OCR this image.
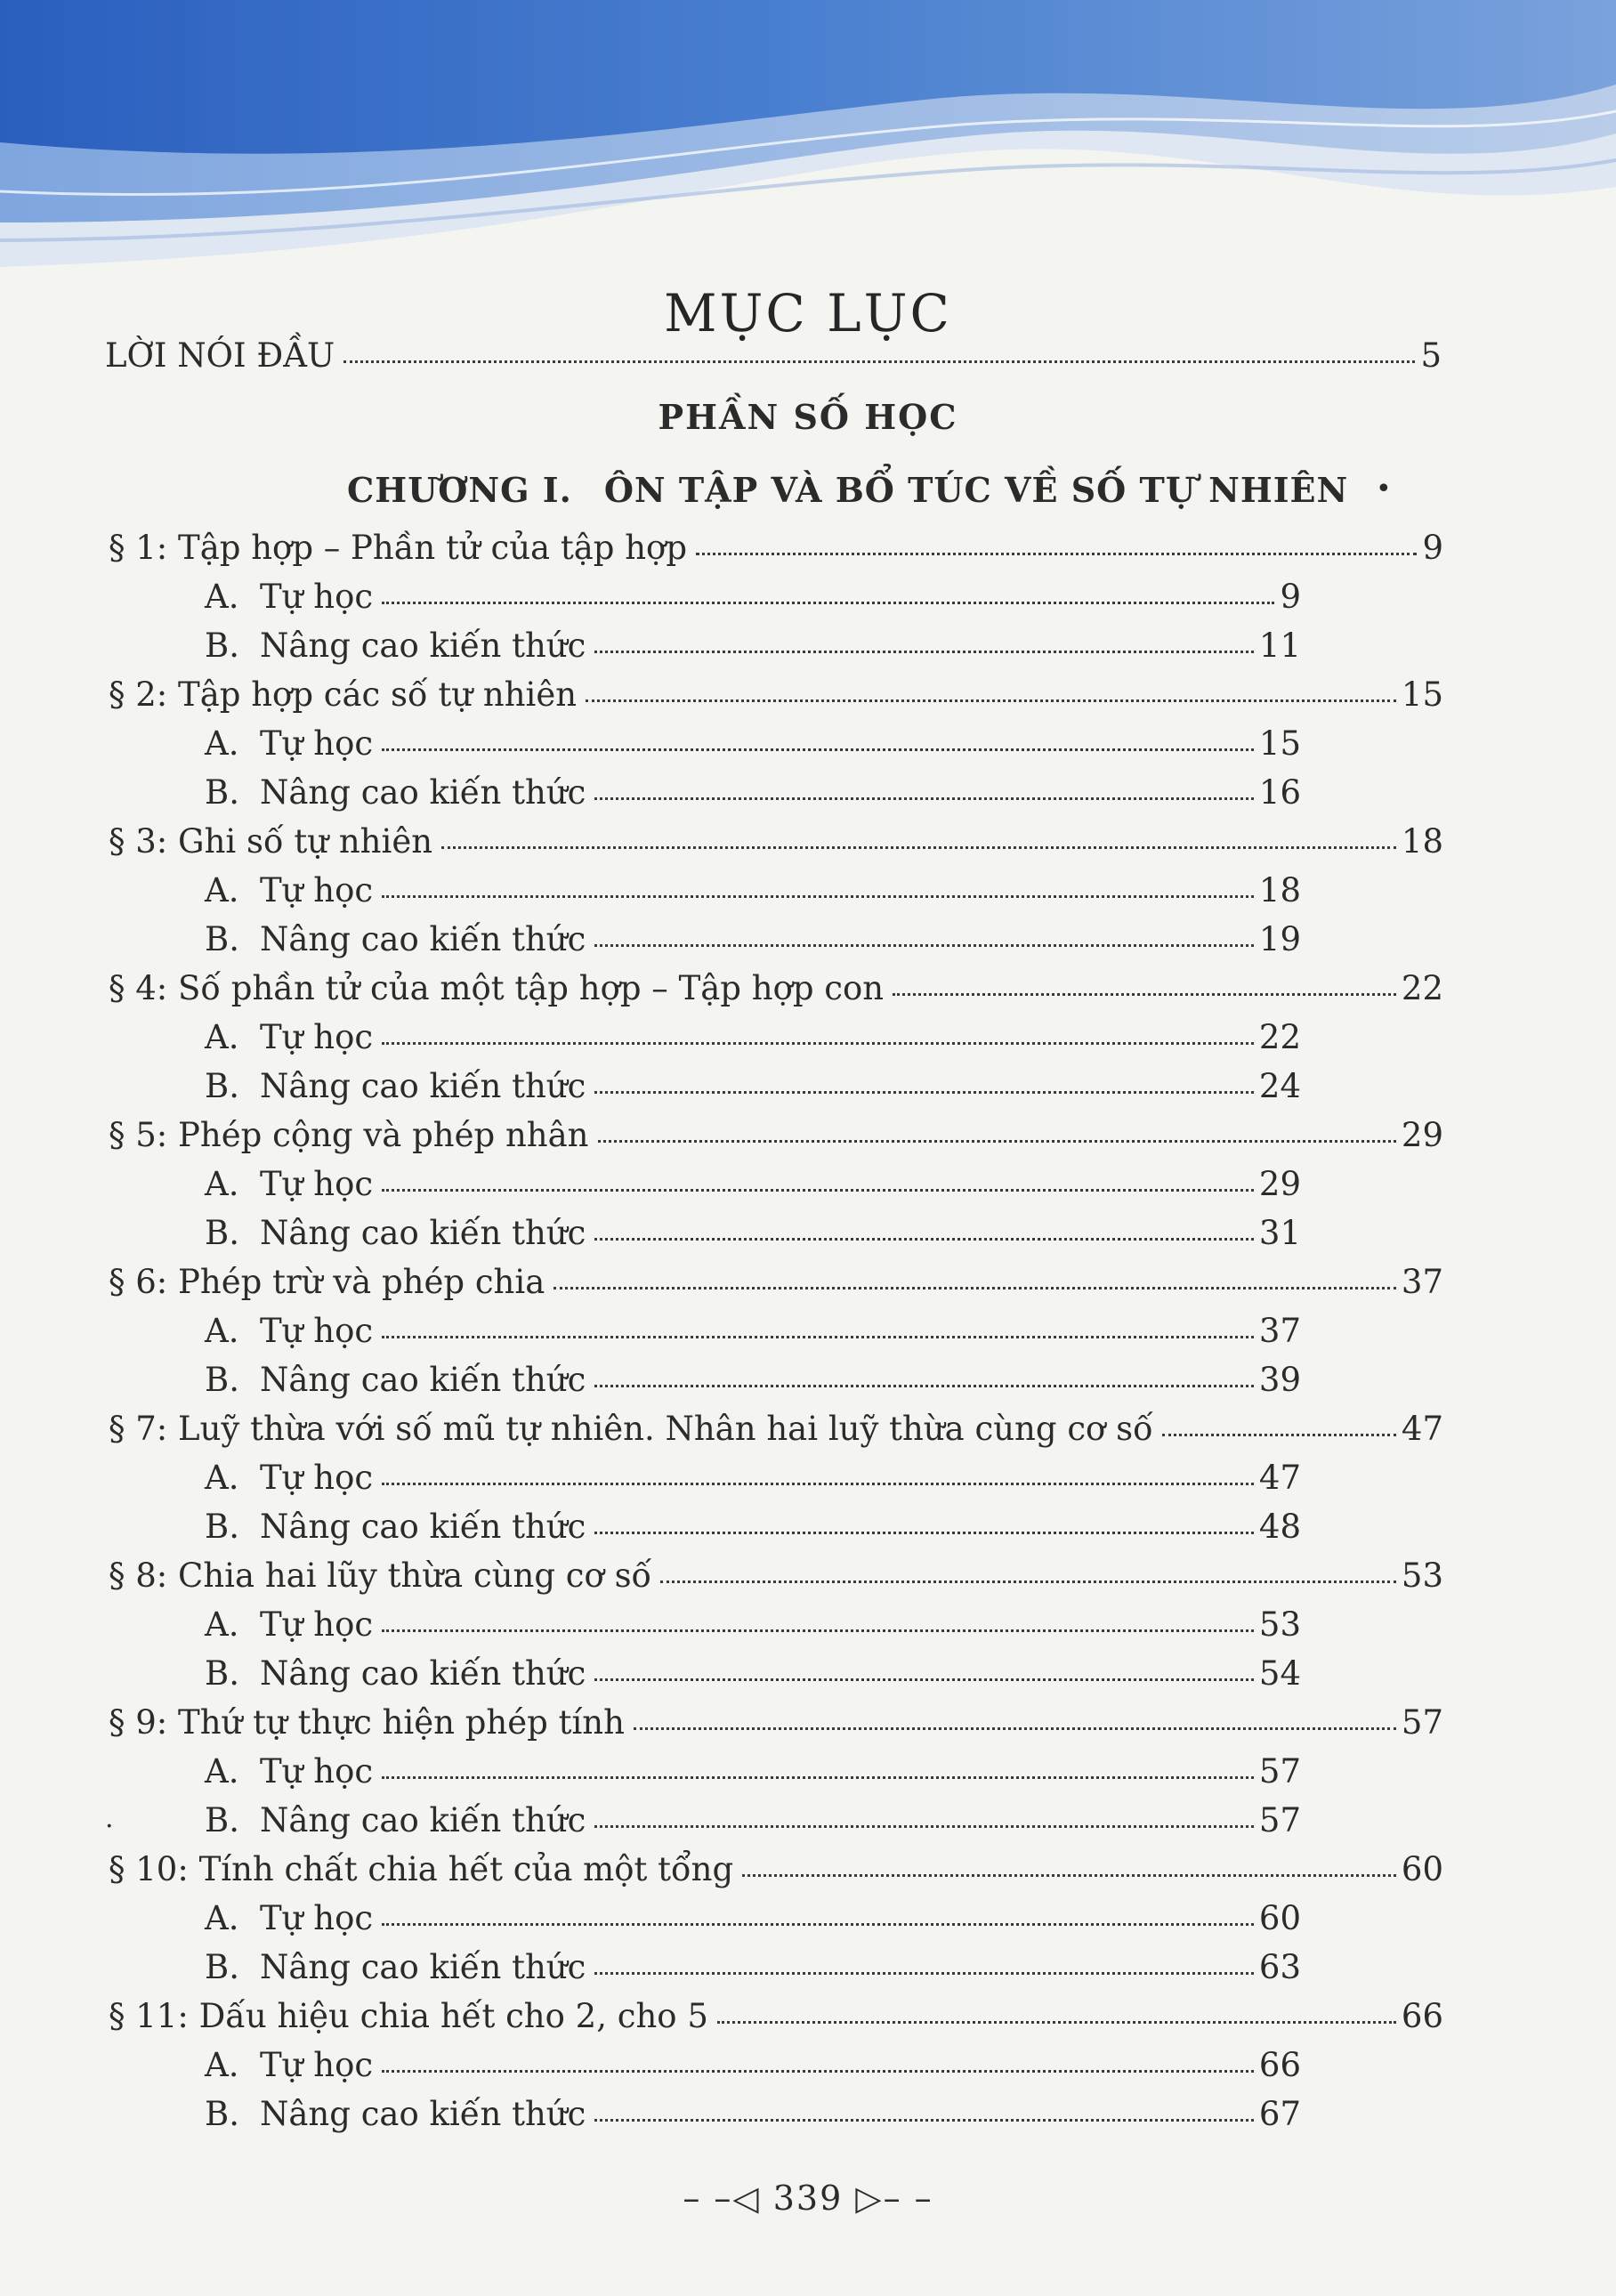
MỤC LỤC
LỜI NÓI ĐẦU	5
PHẦN SỐ HỌC
CHƯƠNG I. ÔN TẬP VÀ BỔ TÚC VỀ SỐ TỰ NHIÊN •
§ 1: Tập hợp – Phần tử của tập hợp	9
A. Tự học	9
B. Nâng cao kiến thức	11
§ 2: Tập hợp các số tự nhiên	15
A. Tự học	15
B. Nâng cao kiến thức	16
§ 3: Ghi số tự nhiên	18
A. Tự học	18
B. Nâng cao kiến thức	19
§ 4: Số phần tử của một tập hợp – Tập hợp con	22
A. Tự học	22
B. Nâng cao kiến thức	24
§ 5: Phép cộng và phép nhân	29
A. Tự học	29
B. Nâng cao kiến thức	31
§ 6: Phép trừ và phép chia	37
A. Tự học	37
B. Nâng cao kiến thức	39
§ 7: Luỹ thừa với số mũ tự nhiên. Nhân hai luỹ thừa cùng cơ số	47
A. Tự học	47
B. Nâng cao kiến thức	48
§ 8: Chia hai lũy thừa cùng cơ số	53
A. Tự học	53
B. Nâng cao kiến thức	54
§ 9: Thứ tự thực hiện phép tính	57
A. Tự học	57
B. Nâng cao kiến thức	57
§ 10: Tính chất chia hết của một tổng	60
A. Tự học	60
B. Nâng cao kiến thức	63
§ 11: Dấu hiệu chia hết cho 2, cho 5	66
A. Tự học	66
B. Nâng cao kiến thức	67
·
– –◁ 339 ▷– –
